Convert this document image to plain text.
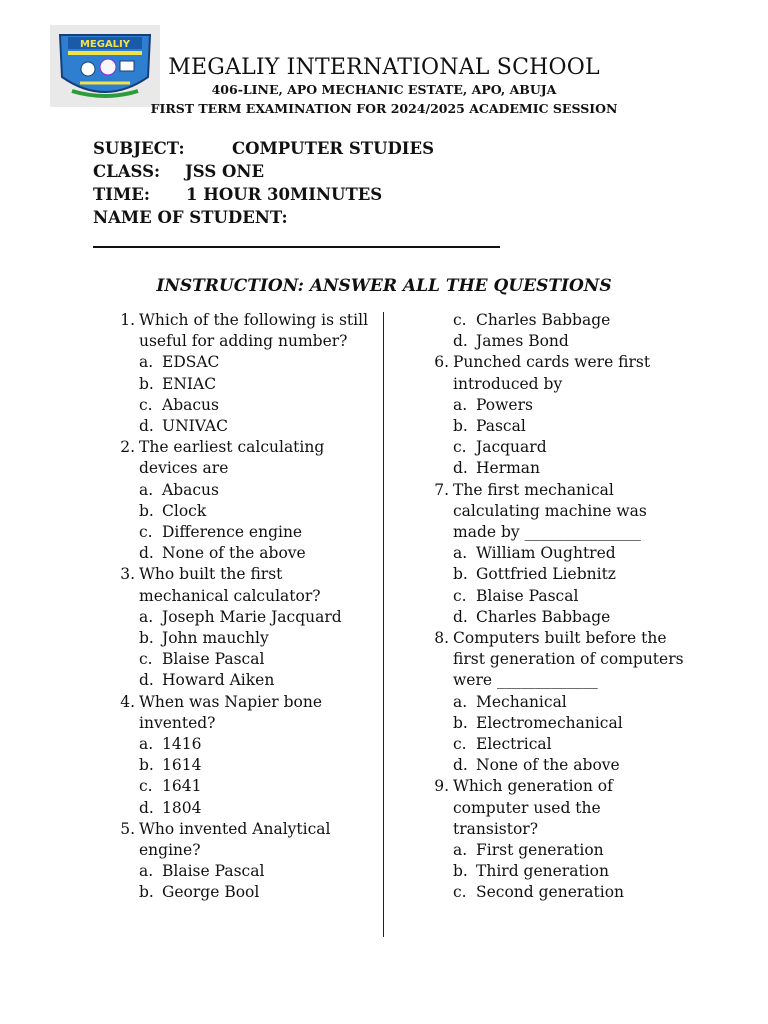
MEGALIY
MEGALIY INTERNATIONAL SCHOOL
406-LINE, APO MECHANIC ESTATE, APO, ABUJA
FIRST TERM EXAMINATION FOR 2024/2025 ACADEMIC SESSION
SUBJECT:	COMPUTER STUDIES
CLASS: JSS ONE
TIME: 1 HOUR 30MINUTES
NAME OF STUDENT:
INSTRUCTION: ANSWER ALL THE QUESTIONS
1. Which of the following is still useful for adding number?
a. EDSAC
b. ENIAC
c. Abacus
d. UNIVAC
2. The earliest calculating devices are
a. Abacus
b. Clock
c. Difference engine
d. None of the above
3. Who built the first mechanical calculator?
a. Joseph Marie Jacquard
b. John mauchly
c. Blaise Pascal
d. Howard Aiken
4. When was Napier bone invented?
a. 1416
b. 1614
c. 1641
d. 1804
5. Who invented Analytical engine?
a. Blaise Pascal
b. George Bool
c. Charles Babbage
d. James Bond
6. Punched cards were first introduced by
a. Powers
b. Pascal
c. Jacquard
d. Herman
7. The first mechanical calculating machine was made by _______________
a. William Oughtred
b. Gottfried Liebnitz
c. Blaise Pascal
d. Charles Babbage
8. Computers built before the first generation of computers were _____________
a. Mechanical
b. Electromechanical
c. Electrical
d. None of the above
9. Which generation of computer used the transistor?
a. First generation
b. Third generation
c. Second generation
